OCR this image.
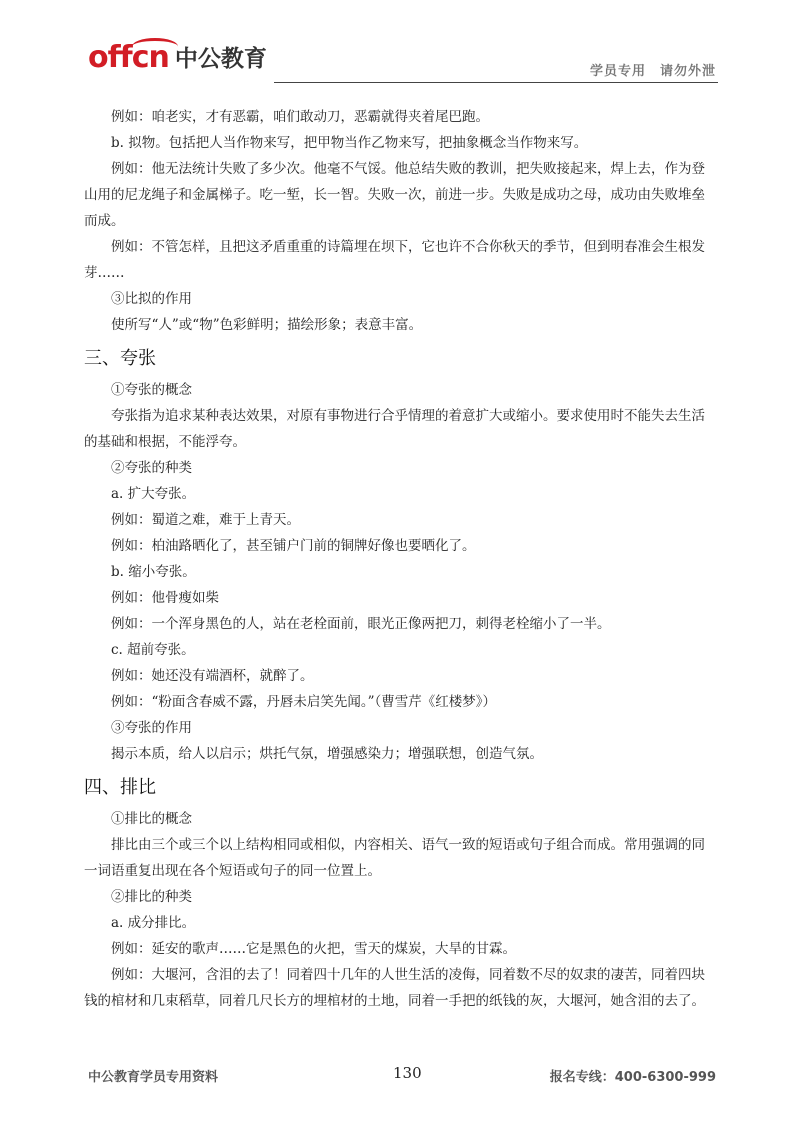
offcn 中公教育	学员专用　请勿外泄

例如：咱老实，才有恶霸，咱们敢动刀，恶霸就得夹着尾巴跑。

b. 拟物。包括把人当作物来写，把甲物当作乙物来写，把抽象概念当作物来写。

例如：他无法统计失败了多少次。他毫不气馁。他总结失败的教训，把失败接起来，焊上去，作为登山用的尼龙绳子和金属梯子。吃一堑，长一智。失败一次，前进一步。失败是成功之母，成功由失败堆垒而成。

例如：不管怎样，且把这矛盾重重的诗篇埋在坝下，它也许不合你秋天的季节，但到明春准会生根发芽……

③比拟的作用

使所写“人”或“物”色彩鲜明；描绘形象；表意丰富。

三、夸张

①夸张的概念

夸张指为追求某种表达效果，对原有事物进行合乎情理的着意扩大或缩小。要求使用时不能失去生活的基础和根据，不能浮夸。

②夸张的种类

a. 扩大夸张。

例如：蜀道之难，难于上青天。

例如：柏油路晒化了，甚至铺户门前的铜牌好像也要晒化了。

b. 缩小夸张。

例如：他骨瘦如柴

例如：一个浑身黑色的人，站在老栓面前，眼光正像两把刀，刺得老栓缩小了一半。

c. 超前夸张。

例如：她还没有端酒杯，就醉了。

例如：“粉面含春威不露，丹唇未启笑先闻。”（曹雪芹《红楼梦》）

③夸张的作用

揭示本质，给人以启示；烘托气氛，增强感染力；增强联想，创造气氛。

四、排比

①排比的概念

排比由三个或三个以上结构相同或相似，内容相关、语气一致的短语或句子组合而成。常用强调的同一词语重复出现在各个短语或句子的同一位置上。

②排比的种类

a. 成分排比。

例如：延安的歌声……它是黑色的火把，雪天的煤炭，大旱的甘霖。

例如：大堰河，含泪的去了！同着四十几年的人世生活的凌侮，同着数不尽的奴隶的凄苦，同着四块钱的棺材和几束稻草，同着几尺长方的埋棺材的土地，同着一手把的纸钱的灰，大堰河，她含泪的去了。

中公教育学员专用资料	130	报名专线：400-6300-999
